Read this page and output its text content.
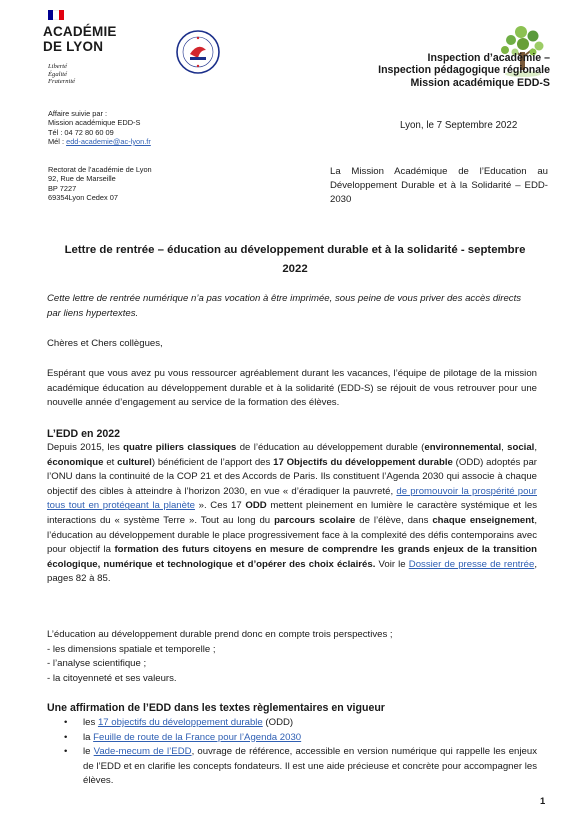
ACADÉMIE
DE LYON
Liberté
Égalité
Fraternité
Inspection d’académie –
Inspection pédagogique régionale
Mission académique EDD-S
Affaire suivie par :
Mission académique EDD-S
Tél : 04 72 80 60 09
Mél : edd-academie@ac-lyon.fr
Rectorat de l’académie de Lyon
92, Rue de Marseille
BP 7227
69354Lyon Cedex 07
Lyon, le 7 Septembre 2022
La Mission Académique de l’Education au Développement Durable et à la Solidarité – EDD-2030
Lettre de rentrée – éducation au développement durable et à la solidarité - septembre 2022
Cette lettre de rentrée numérique n’a pas vocation à être imprimée, sous peine de vous priver des accès directs par liens hypertextes.
Chères et Chers collègues,
Espérant que vous avez pu vous ressourcer agréablement durant les vacances, l’équipe de pilotage de la mission académique éducation au développement durable et à la solidarité (EDD-S) se réjouit de vous retrouver pour une nouvelle année d’engagement au service de la formation des élèves.
L’EDD en 2022
Depuis 2015, les quatre piliers classiques de l’éducation au développement durable (environnemental, social, économique et culturel) bénéficient de l’apport des 17 Objectifs du développement durable (ODD) adoptés par l’ONU dans la continuité de la COP 21 et des Accords de Paris. Ils constituent l’Agenda 2030 qui associe à chaque objectif des cibles à atteindre à l’horizon 2030, en vue « d’éradiquer la pauvreté, de promouvoir la prospérité pour tous tout en protégeant la planète ». Ces 17 ODD mettent pleinement en lumière le caractère systémique et les interactions du « système Terre ». Tout au long du parcours scolaire de l’élève, dans chaque enseignement, l’éducation au développement durable le place progressivement face à la complexité des défis contemporains avec pour objectif la formation des futurs citoyens en mesure de comprendre les grands enjeux de la transition écologique, numérique et technologique et d’opérer des choix éclairés. Voir le Dossier de presse de rentrée, pages 82 à 85.
L’éducation au développement durable prend donc en compte trois perspectives ;
- les dimensions spatiale et temporelle ;
- l’analyse scientifique ;
- la citoyenneté et ses valeurs.
Une affirmation de l’EDD dans les textes règlementaires en vigueur
• les 17 objectifs du développement durable (ODD)
• la Feuille de route de la France pour l’Agenda 2030
• le Vade-mecum de l’EDD, ouvrage de référence, accessible en version numérique qui rappelle les enjeux de l’EDD et en clarifie les concepts fondateurs. Il est une aide précieuse et concrète pour accompagner les élèves.
1
